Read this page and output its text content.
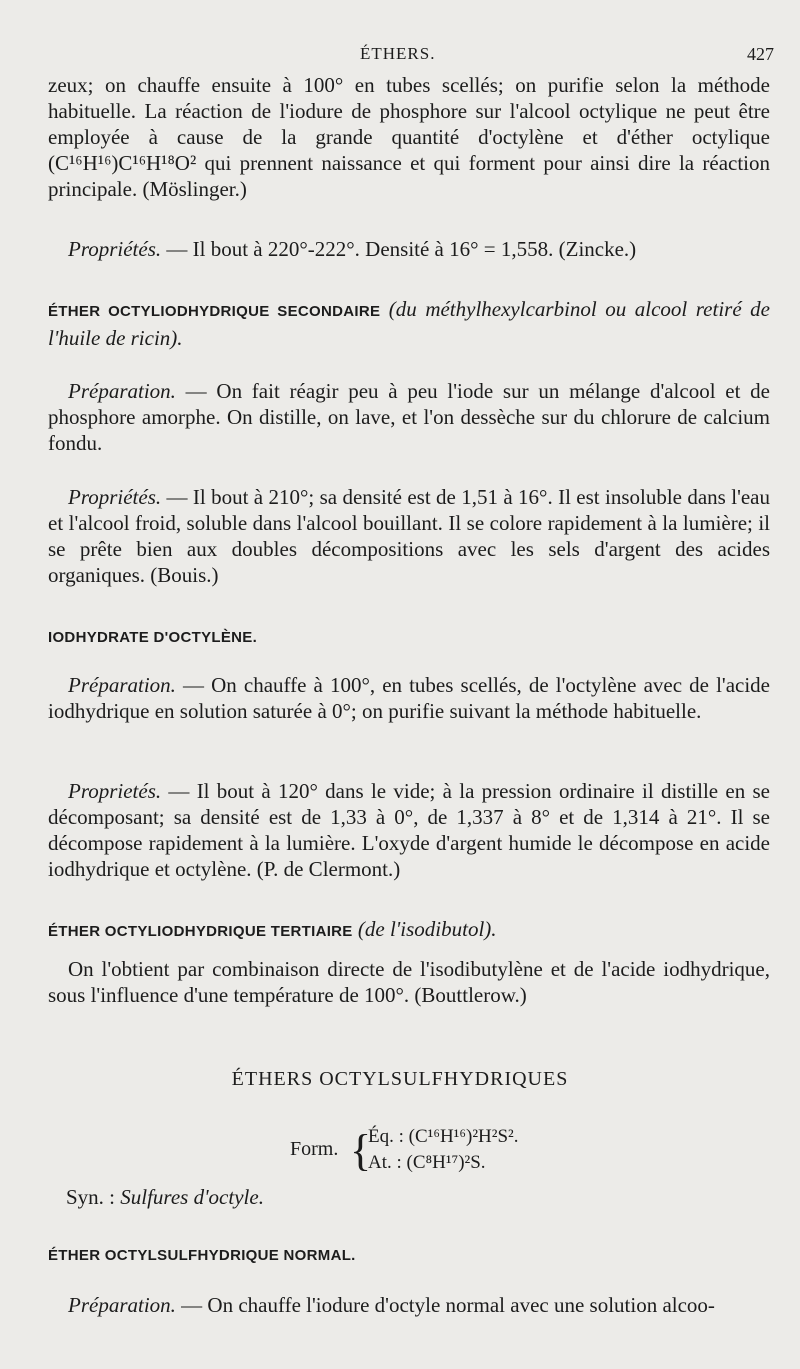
ÉTHERS.	427
zeux; on chauffe ensuite à 100° en tubes scellés; on purifie selon la méthode habituelle. La réaction de l'iodure de phosphore sur l'alcool octylique ne peut être employée à cause de la grande quantité d'octylène et d'éther octylique (C¹⁶H¹⁶)C¹⁶H¹⁸O² qui prennent naissance et qui forment pour ainsi dire la réaction principale. (Möslinger.)
Propriétés. — Il bout à 220°-222°. Densité à 16° = 1,558. (Zincke.)
ÉTHER OCTYLIODHYDRIQUE SECONDAIRE (du méthylhexylcarbinol ou alcool retiré de l'huile de ricin).
Préparation. — On fait réagir peu à peu l'iode sur un mélange d'alcool et de phosphore amorphe. On distille, on lave, et l'on dessèche sur du chlorure de calcium fondu.
Propriétés. — Il bout à 210°; sa densité est de 1,51 à 16°. Il est insoluble dans l'eau et l'alcool froid, soluble dans l'alcool bouillant. Il se colore rapidement à la lumière; il se prête bien aux doubles décompositions avec les sels d'argent des acides organiques. (Bouis.)
IODHYDRATE D'OCTYLÈNE.
Préparation. — On chauffe à 100°, en tubes scellés, de l'octylène avec de l'acide iodhydrique en solution saturée à 0°; on purifie suivant la méthode habituelle.
Proprietés. — Il bout à 120° dans le vide; à la pression ordinaire il distille en se décomposant; sa densité est de 1,33 à 0°, de 1,337 à 8° et de 1,314 à 21°. Il se décompose rapidement à la lumière. L'oxyde d'argent humide le décompose en acide iodhydrique et octylène. (P. de Clermont.)
ÉTHER OCTYLIODHYDRIQUE TERTIAIRE (de l'isodibutol).
On l'obtient par combinaison directe de l'isodibutylène et de l'acide iodhydrique, sous l'influence d'une température de 100°. (Bouttlerow.)
ÉTHERS OCTYLSULFHYDRIQUES
Form. {
Éq. : (C¹⁶H¹⁶)²H²S².
At. : (C⁸H¹⁷)²S.
Syn. : Sulfures d'octyle.
ÉTHER OCTYLSULFHYDRIQUE NORMAL.
Préparation. — On chauffe l'iodure d'octyle normal avec une solution alcoo-
